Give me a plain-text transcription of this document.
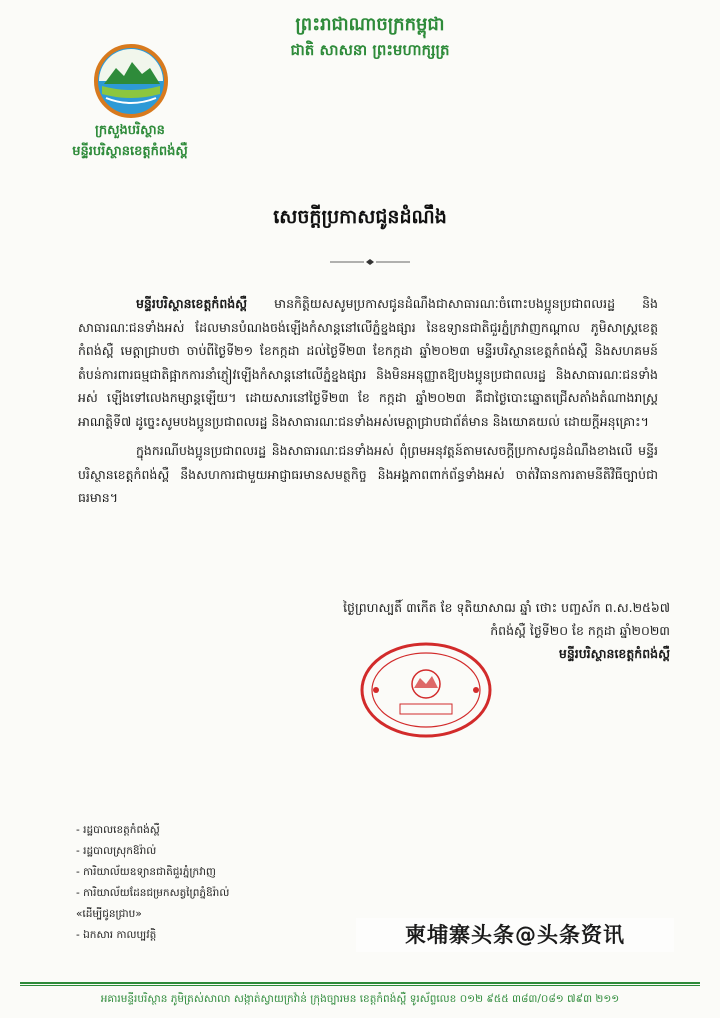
ព្រះរាជាណាចក្រកម្ពុជា
ជាតិ សាសនា ព្រះមហាក្សត្រ
ក្រសួងបរិស្ថាន
មន្ទីរបរិស្ថានខេត្តកំពង់ស្ពឺ
សេចក្តីប្រកាសជូនដំណឹង

មន្ទីរបរិស្ថានខេត្តកំពង់ស្ពឺ មានកិត្តិយសសូមប្រកាសជូនដំណឹងជាសាធារណៈចំពោះបងប្អូនប្រជាពលរដ្ឋ និងសាធារណៈជនទាំងអស់ ដែលមានបំណងចង់ឡើងកំសាន្តនៅលើភ្នំខ្នងផ្សារ នៃឧទ្យានជាតិជួរភ្នំក្រវាញកណ្តាល ភូមិសាស្ត្រខេត្តកំពង់ស្ពឺ មេត្តាជ្រាបថា ចាប់ពីថ្ងៃទី២១ ខែកក្កដា ដល់ថ្ងៃទី២៣ ខែកក្កដា ឆ្នាំ២០២៣ មន្ទីរបរិស្ថានខេត្តកំពង់ស្ពឺ និងសហគមន៍តំបន់ការពារធម្មជាតិផ្អាកការនាំភ្ញៀវឡើងកំសាន្តនៅលើភ្នំខ្នងផ្សារ និងមិនអនុញ្ញាតឱ្យបងប្អូនប្រជាពលរដ្ឋ និងសាធារណៈជនទាំងអស់ ឡើងទៅលេងកម្សាន្តឡើយ។ ដោយសារនៅថ្ងៃទី២៣ ខែ កក្កដា ឆ្នាំ២០២៣ គឺជាថ្ងៃបោះឆ្នោតជ្រើសតាំងតំណាងរាស្ត្រអាណត្តិទី៧ ដូច្នេះសូមបងប្អូនប្រជាពលរដ្ឋ និងសាធារណៈជនទាំងអស់មេត្តាជ្រាបជាព័ត៌មាន និងយោគយល់ ដោយក្តីអនុគ្រោះ។

ក្នុងករណីបងប្អូនប្រជាពលរដ្ឋ និងសាធារណៈជនទាំងអស់ ពុំព្រមអនុវត្តន៍តាមសេចក្តីប្រកាសជូនដំណឹងខាងលើ មន្ទីរបរិស្ថានខេត្តកំពង់ស្ពឺ នឹងសហការជាមួយអាជ្ញាធរមានសមត្ថកិច្ច និងអង្គភាពពាក់ព័ន្ធទាំងអស់ ចាត់វិធានការតាមនីតិវិធីច្បាប់ជាធរមាន។

ថ្ងៃព្រហស្បតិ៍ ៣កើត ខែ ទុតិយាសាឍ ឆ្នាំ ថោះ បញ្ចស័ក ព.ស.២៥៦៧
កំពង់ស្ពឺ ថ្ងៃទី២០ ខែ កក្កដា ឆ្នាំ២០២៣
មន្ទីរបរិស្ថានខេត្តកំពង់ស្ពឺ
- រដ្ឋបាលខេត្តកំពង់ស្ពឺ
- រដ្ឋបាលស្រុកឱរ៉ាល់
- ការិយាល័យឧទ្យានជាតិជួរភ្នំក្រវាញ
- ការិយាល័យដែនជម្រកសត្វព្រៃភ្នំឱរ៉ាល់
«ដើម្បីជូនជ្រាប»
- ឯកសារ កាលប្បវត្តិ	柬埔寨头条@头条资讯
អគារមន្ទីរបរិស្ថាន ភូមិត្រស់សាលា សង្កាត់ស្វាយក្រវ៉ាន់ ក្រុងច្បារមន ខេត្តកំពង់ស្ពឺ ទូរស័ព្ទលេខ ០១២ ៩៥៥ ៣៨៣/០៨១ ៧៩៣ ២១១
